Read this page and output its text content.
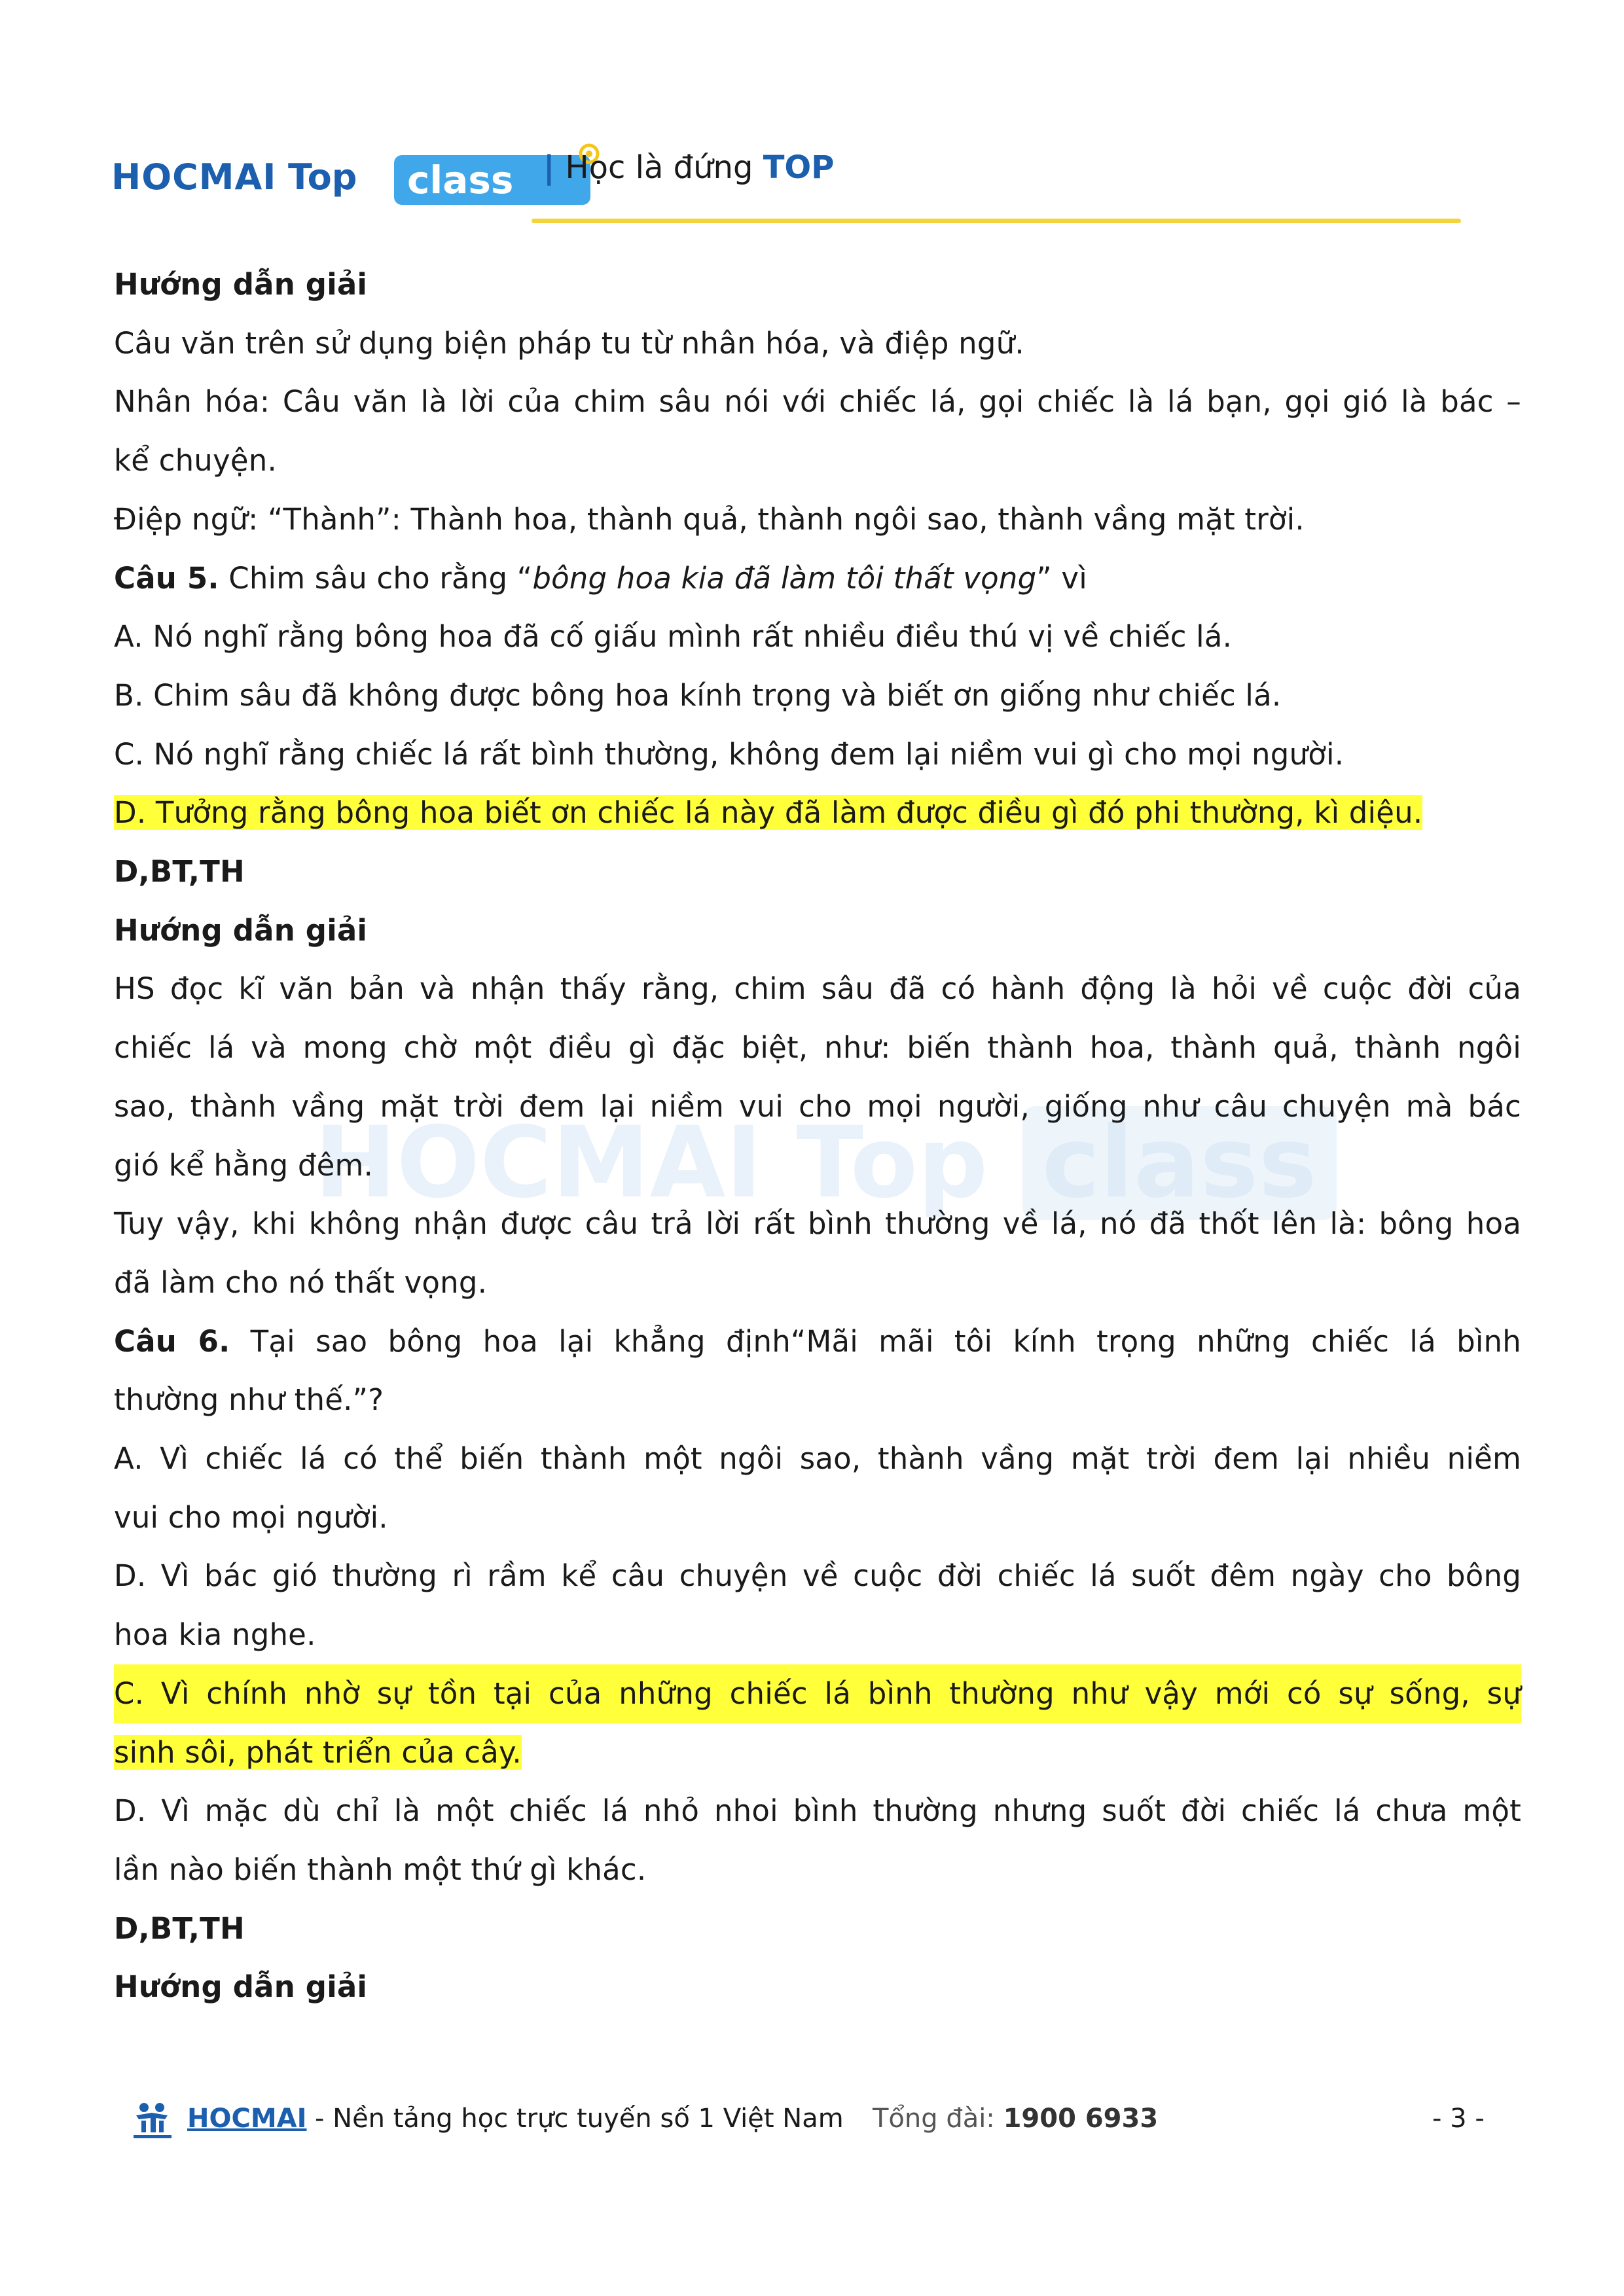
HOCMAI Top class | Học là đứng TOP
HOCMAI Top class
Hướng dẫn giải
Câu văn trên sử dụng biện pháp tu từ nhân hóa, và điệp ngữ.
Nhân hóa: Câu văn là lời của chim sâu nói với chiếc lá, gọi chiếc là lá bạn, gọi gió là bác –
kể chuyện.
Điệp ngữ: “Thành”: Thành hoa, thành quả, thành ngôi sao, thành vầng mặt trời.
Câu 5. Chim sâu cho rằng “bông hoa kia đã làm tôi thất vọng” vì
A. Nó nghĩ rằng bông hoa đã cố giấu mình rất nhiều điều thú vị về chiếc lá.
B. Chim sâu đã không được bông hoa kính trọng và biết ơn giống như chiếc lá.
C. Nó nghĩ rằng chiếc lá rất bình thường, không đem lại niềm vui gì cho mọi người.
D. Tưởng rằng bông hoa biết ơn chiếc lá này đã làm được điều gì đó phi thường, kì diệu.
D,BT,TH
Hướng dẫn giải
HS đọc kĩ văn bản và nhận thấy rằng, chim sâu đã có hành động là hỏi về cuộc đời của
chiếc lá và mong chờ một điều gì đặc biệt, như: biến thành hoa, thành quả, thành ngôi
sao, thành vầng mặt trời đem lại niềm vui cho mọi người, giống như câu chuyện mà bác
gió kể hằng đêm.
Tuy vậy, khi không nhận được câu trả lời rất bình thường về lá, nó đã thốt lên là: bông hoa
đã làm cho nó thất vọng.
Câu 6. Tại sao bông hoa lại khẳng định“Mãi mãi tôi kính trọng những chiếc lá bình
thường như thế.”?
A. Vì chiếc lá có thể biến thành một ngôi sao, thành vầng mặt trời đem lại nhiều niềm
vui cho mọi người.
D. Vì bác gió thường rì rầm kể câu chuyện về cuộc đời chiếc lá suốt đêm ngày cho bông
hoa kia nghe.
C. Vì chính nhờ sự tồn tại của những chiếc lá bình thường như vậy mới có sự sống, sự
sinh sôi, phát triển của cây.
D. Vì mặc dù chỉ là một chiếc lá nhỏ nhoi bình thường nhưng suốt đời chiếc lá chưa một
lần nào biến thành một thứ gì khác.
D,BT,TH
Hướng dẫn giải
HOCMAI - Nền tảng học trực tuyến số 1 Việt Nam Tổng đài: 1900 6933	- 3 -
